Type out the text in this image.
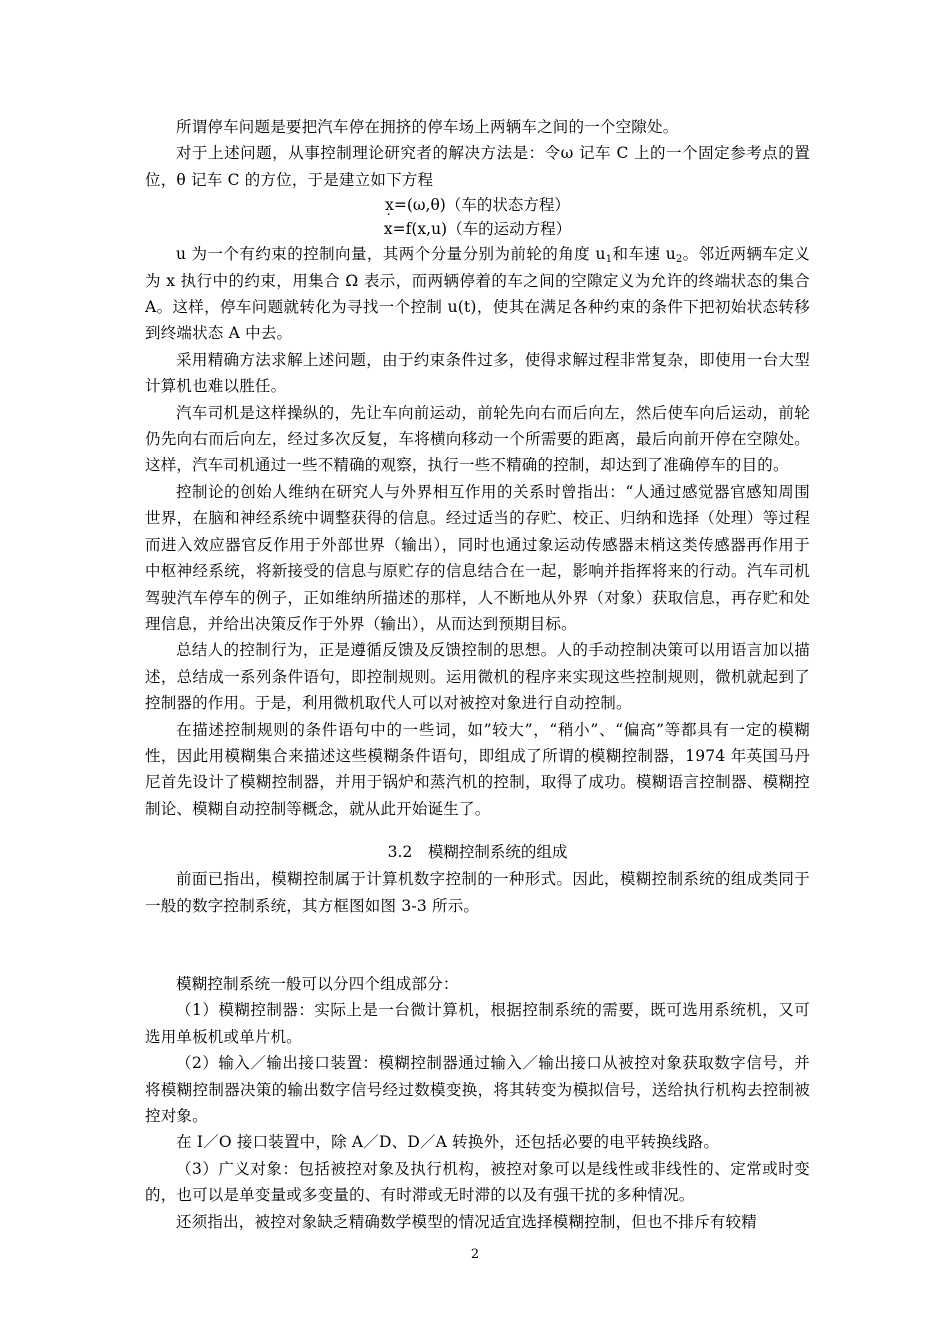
所谓停车问题是要把汽车停在拥挤的停车场上两辆车之间的一个空隙处。

对于上述问题，从事控制理论研究者的解决方法是：令ω 记车 C 上的一个固定参考点的置位，θ 记车 C 的方位，于是建立如下方程

x=(ω,θ)（车的状态方程）
˙ x=f(x,u)（车的运动方程）

u 为一个有约束的控制向量，其两个分量分别为前轮的角度 $u_1$和车速 $u_2$。邻近两辆车定义为 x 执行中的约束，用集合 Ω 表示，而两辆停着的车之间的空隙定义为允许的终端状态的集合 A。这样，停车问题就转化为寻找一个控制 u(t)，使其在满足各种约束的条件下把初始状态转移到终端状态 A 中去。

采用精确方法求解上述问题，由于约束条件过多，使得求解过程非常复杂，即使用一台大型计算机也难以胜任。

汽车司机是这样操纵的，先让车向前运动，前轮先向右而后向左，然后使车向后运动，前轮仍先向右而后向左，经过多次反复，车将横向移动一个所需要的距离，最后向前开停在空隙处。这样，汽车司机通过一些不精确的观察，执行一些不精确的控制，却达到了准确停车的目的。

控制论的创始人维纳在研究人与外界相互作用的关系时曾指出：“人通过感觉器官感知周围世界，在脑和神经系统中调整获得的信息。经过适当的存贮、校正、归纳和选择（处理）等过程而进入效应器官反作用于外部世界（输出），同时也通过象运动传感器末梢这类传感器再作用于中枢神经系统，将新接受的信息与原贮存的信息结合在一起，影响并指挥将来的行动。汽车司机驾驶汽车停车的例子，正如维纳所描述的那样，人不断地从外界（对象）获取信息，再存贮和处理信息，并给出决策反作于外界（输出），从而达到预期目标。

总结人的控制行为，正是遵循反馈及反馈控制的思想。人的手动控制决策可以用语言加以描述，总结成一系列条件语句，即控制规则。运用微机的程序来实现这些控制规则，微机就起到了控制器的作用。于是，利用微机取代人可以对被控对象进行自动控制。

在描述控制规则的条件语句中的一些词，如”较大”，“稍小”、“偏高”等都具有一定的模糊性，因此用模糊集合来描述这些模糊条件语句，即组成了所谓的模糊控制器，1974 年英国马丹尼首先设计了模糊控制器，并用于锅炉和蒸汽机的控制，取得了成功。模糊语言控制器、模糊控制论、模糊自动控制等概念，就从此开始诞生了。

3.2　模糊控制系统的组成

前面已指出，模糊控制属于计算机数字控制的一种形式。因此，模糊控制系统的组成类同于一般的数字控制系统，其方框图如图 3-3 所示。

模糊控制系统一般可以分四个组成部分：

（1）模糊控制器：实际上是一台微计算机，根据控制系统的需要，既可选用系统机，又可选用单板机或单片机。

（2）输入／输出接口装置：模糊控制器通过输入／输出接口从被控对象获取数字信号，并将模糊控制器决策的输出数字信号经过数模变换，将其转变为模拟信号，送给执行机构去控制被控对象。

在 I／O 接口装置中，除 A／D、D／A 转换外，还包括必要的电平转换线路。

（3）广义对象：包括被控对象及执行机构，被控对象可以是线性或非线性的、定常或时变的，也可以是单变量或多变量的、有时滞或无时滞的以及有强干扰的多种情况。

还须指出，被控对象缺乏精确数学模型的情况适宜选择模糊控制，但也不排斥有较精

2
